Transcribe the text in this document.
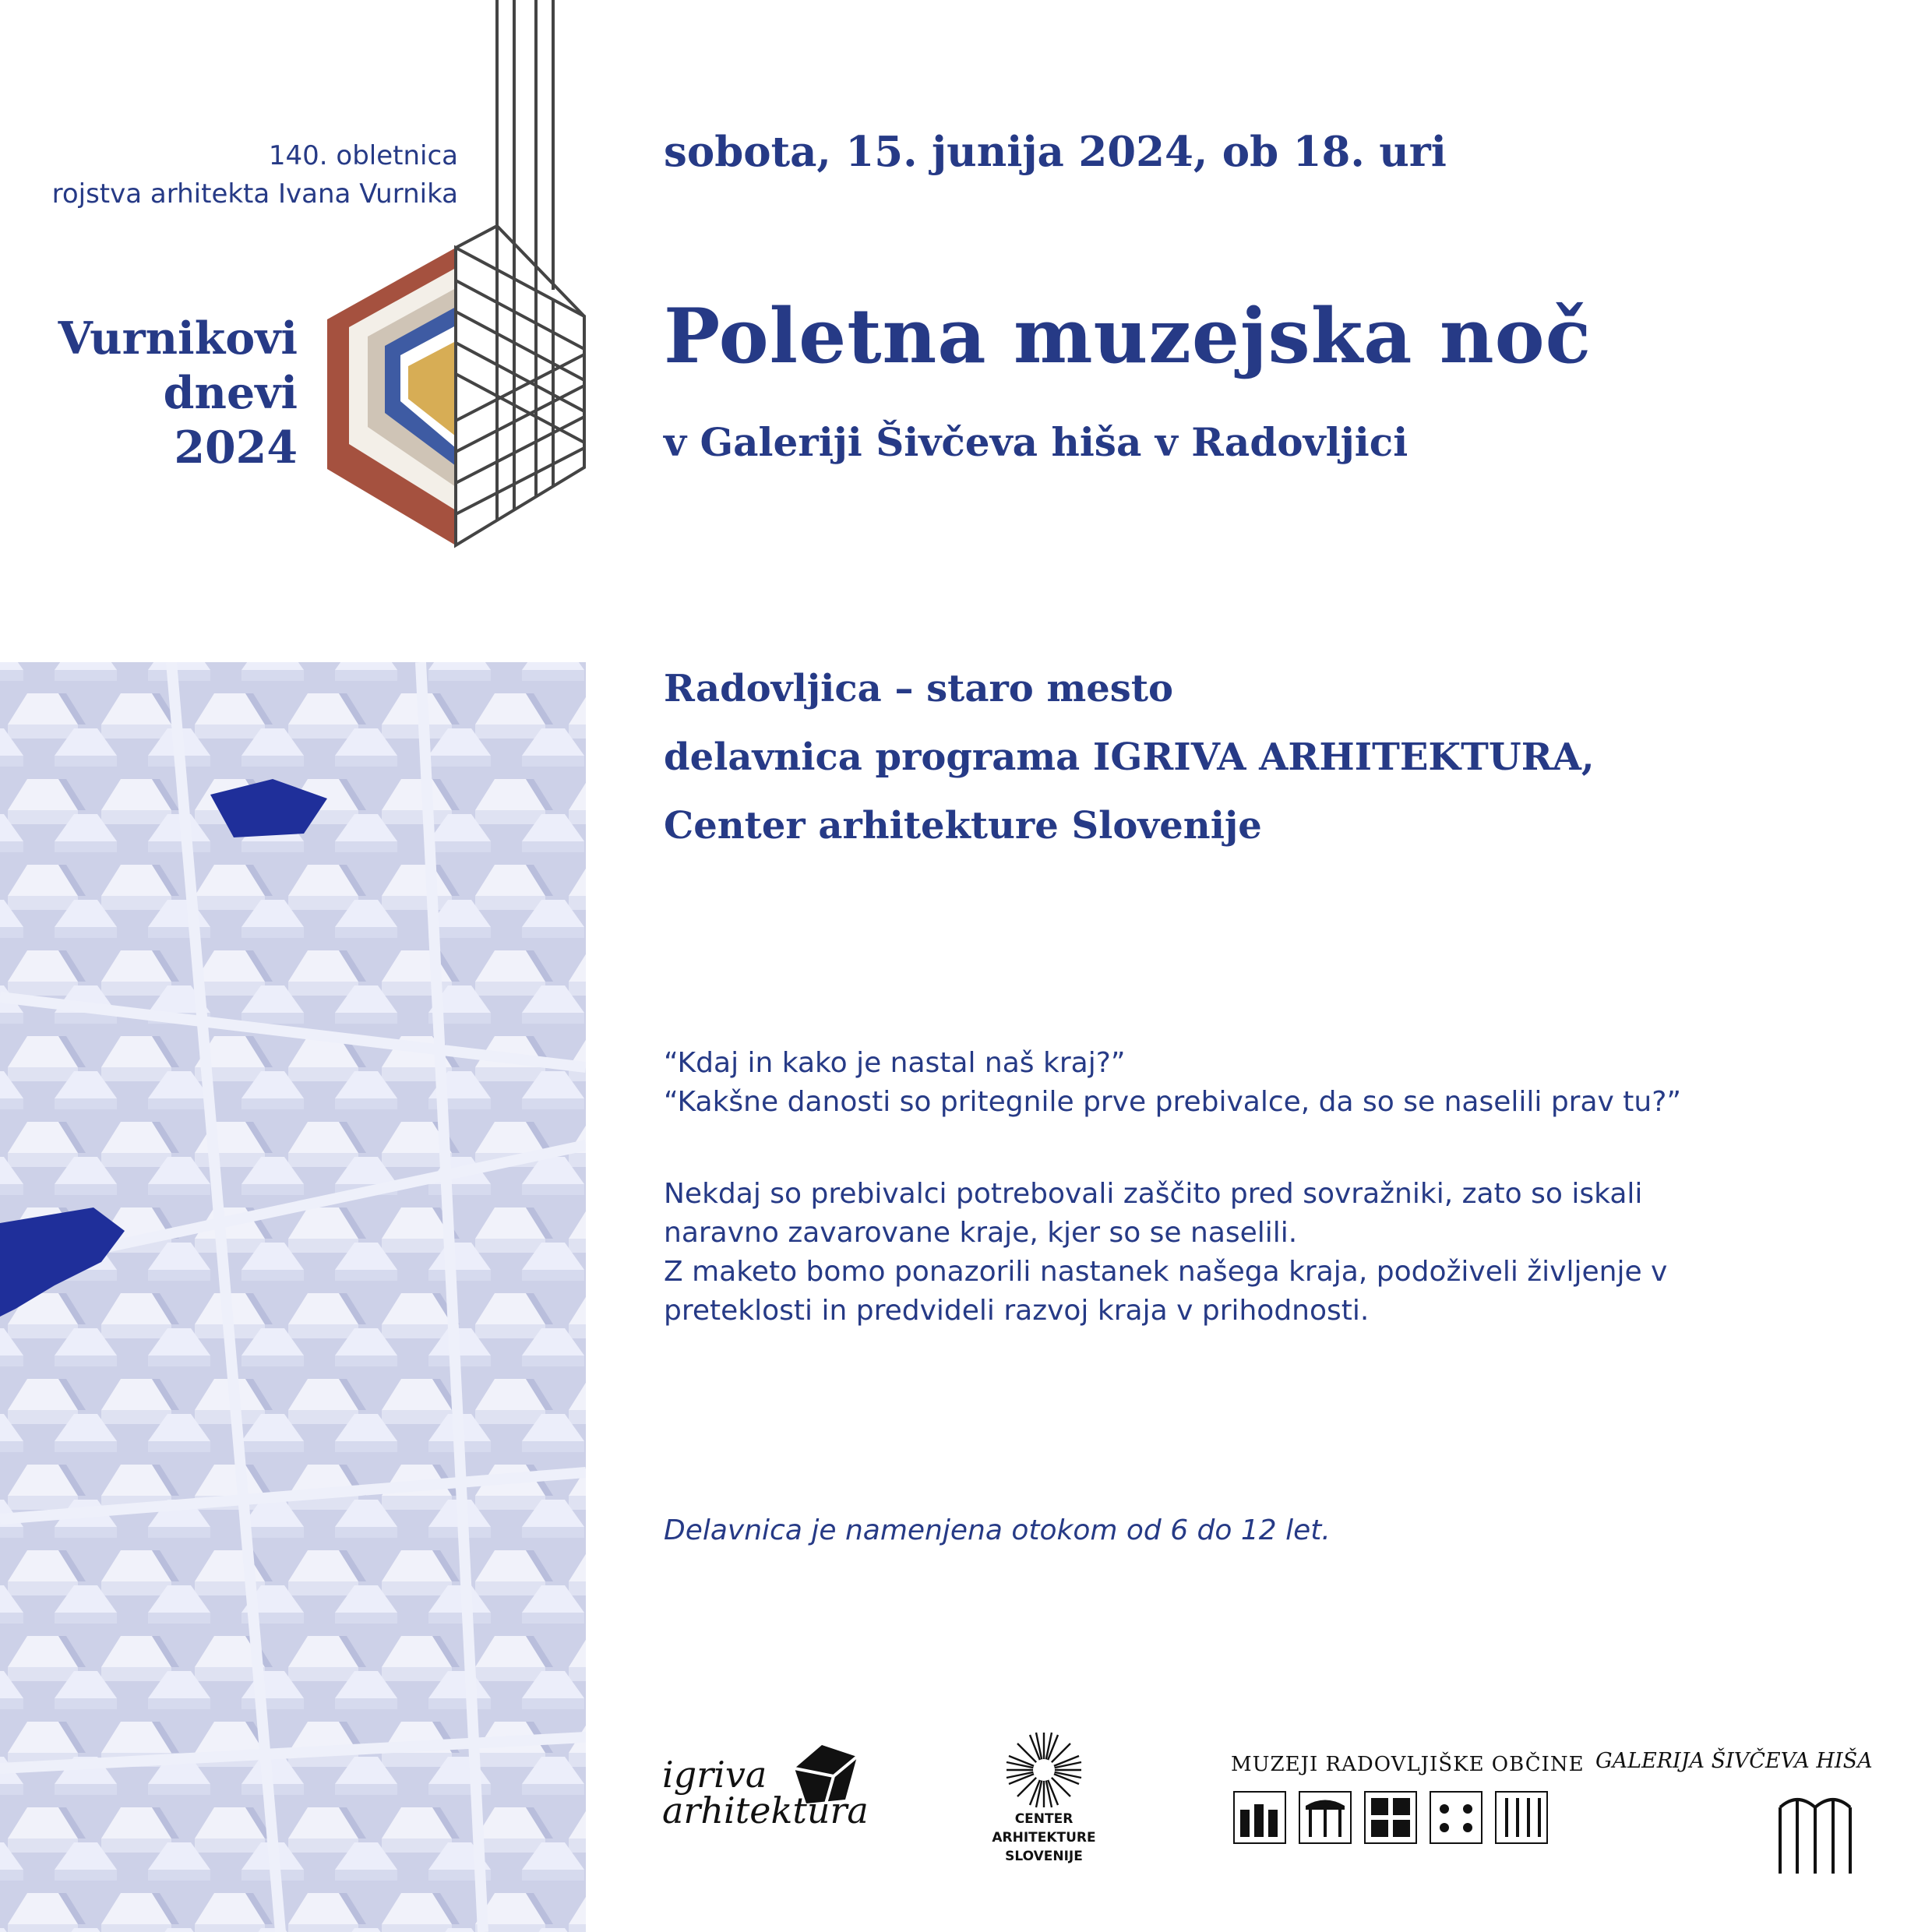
140. obletnica
rojstva arhitekta Ivana Vurnika
Vurnikovi
dnevi
2024
sobota, 15. junija 2024, ob 18. uri
Poletna muzejska noč
v Galeriji Šivčeva hiša v Radovljici
Radovljica – staro mesto
delavnica programa IGRIVA ARHITEKTURA,
Center arhitekture Slovenije
“Kdaj in kako je nastal naš kraj?”
“Kakšne danosti so pritegnile prve prebivalce, da so se naselili prav tu?”
Nekdaj so prebivalci potrebovali zaščito pred sovražniki, zato so iskali
naravno zavarovane kraje, kjer so se naselili.
Z maketo bomo ponazorili nastanek našega kraja, podoživeli življenje v
preteklosti in predvideli razvoj kraja v prihodnosti.
Delavnica je namenjena otokom od 6 do 12 let.
igriva
arhitektura	CENTER ARHITEKTURE
SLOVENIJE
MUZEJI RADOVLJIŠKE OBČINE GALERIJA ŠIVČEVA HIŠA
